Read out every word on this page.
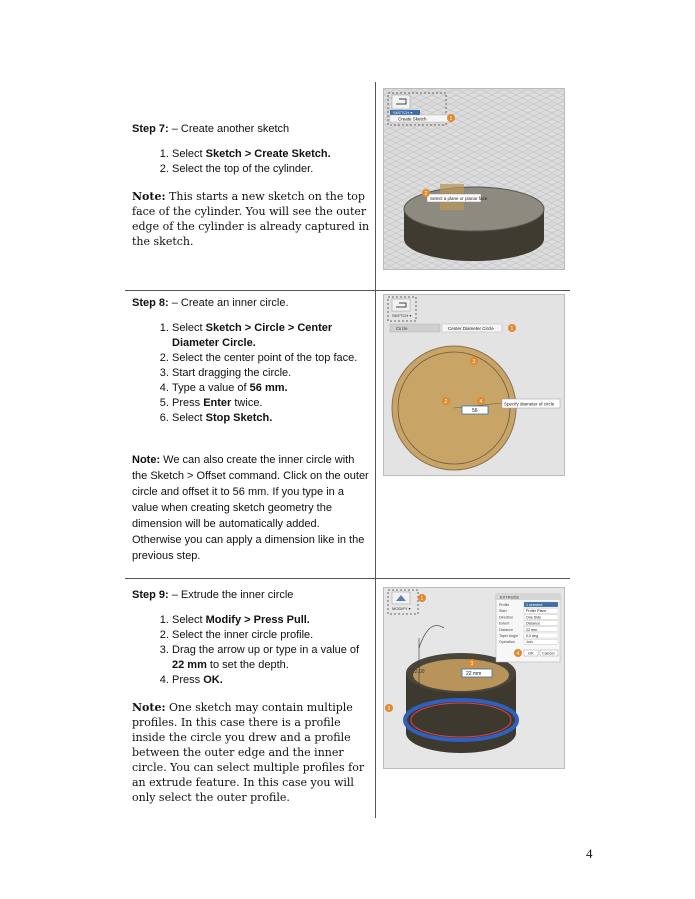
Step 7: – Create another sketch
1. Select Sketch > Create Sketch.
2. Select the top of the cylinder.
Note: This starts a new sketch on the top face of the cylinder. You will see the outer edge of the cylinder is already captured in the sketch.
Select a plane or planar face
2
SKETCH ▾
Create Sketch	1
Step 8: – Create an inner circle.
1. Select Sketch > Circle > Center Diameter Circle.
2. Select the center point of the top face.
3. Start dragging the circle.
4. Type a value of 56 mm.
5. Press Enter twice.
6. Select Stop Sketch.
Note: We can also create the inner circle with the Sketch > Offset command. Click on the outer circle and offset it to 56 mm. If you type in a value when creating sketch geometry the dimension will be automatically added. Otherwise you can apply a dimension like in the previous step.
56
Specify diameter of circle
2	4
3
SKETCH ▾
Circle	Center Diameter Circle	1
Step 9: – Extrude the inner circle
1. Select Modify > Press Pull.
2. Select the inner circle profile.
3. Drag the arrow up or type in a value of 22 mm to set the depth.
4. Press OK.
Note: One sketch may contain multiple profiles. In this case there is a profile inside the circle you drew and a profile between the outer edge and the inner circle. You can select multiple profiles for an extrude feature. In this case you will only select the outer profile.
22.00	22 mm
3
2
MODIFY ▾
1	EXTRUDE
Profile	1 selected
Start	Profile Plane
Direction	One Side
Extent	Distance
Distance	22 mm
Taper Angle 0.0 deg
Operation	Join
OK Cancel
4
4
